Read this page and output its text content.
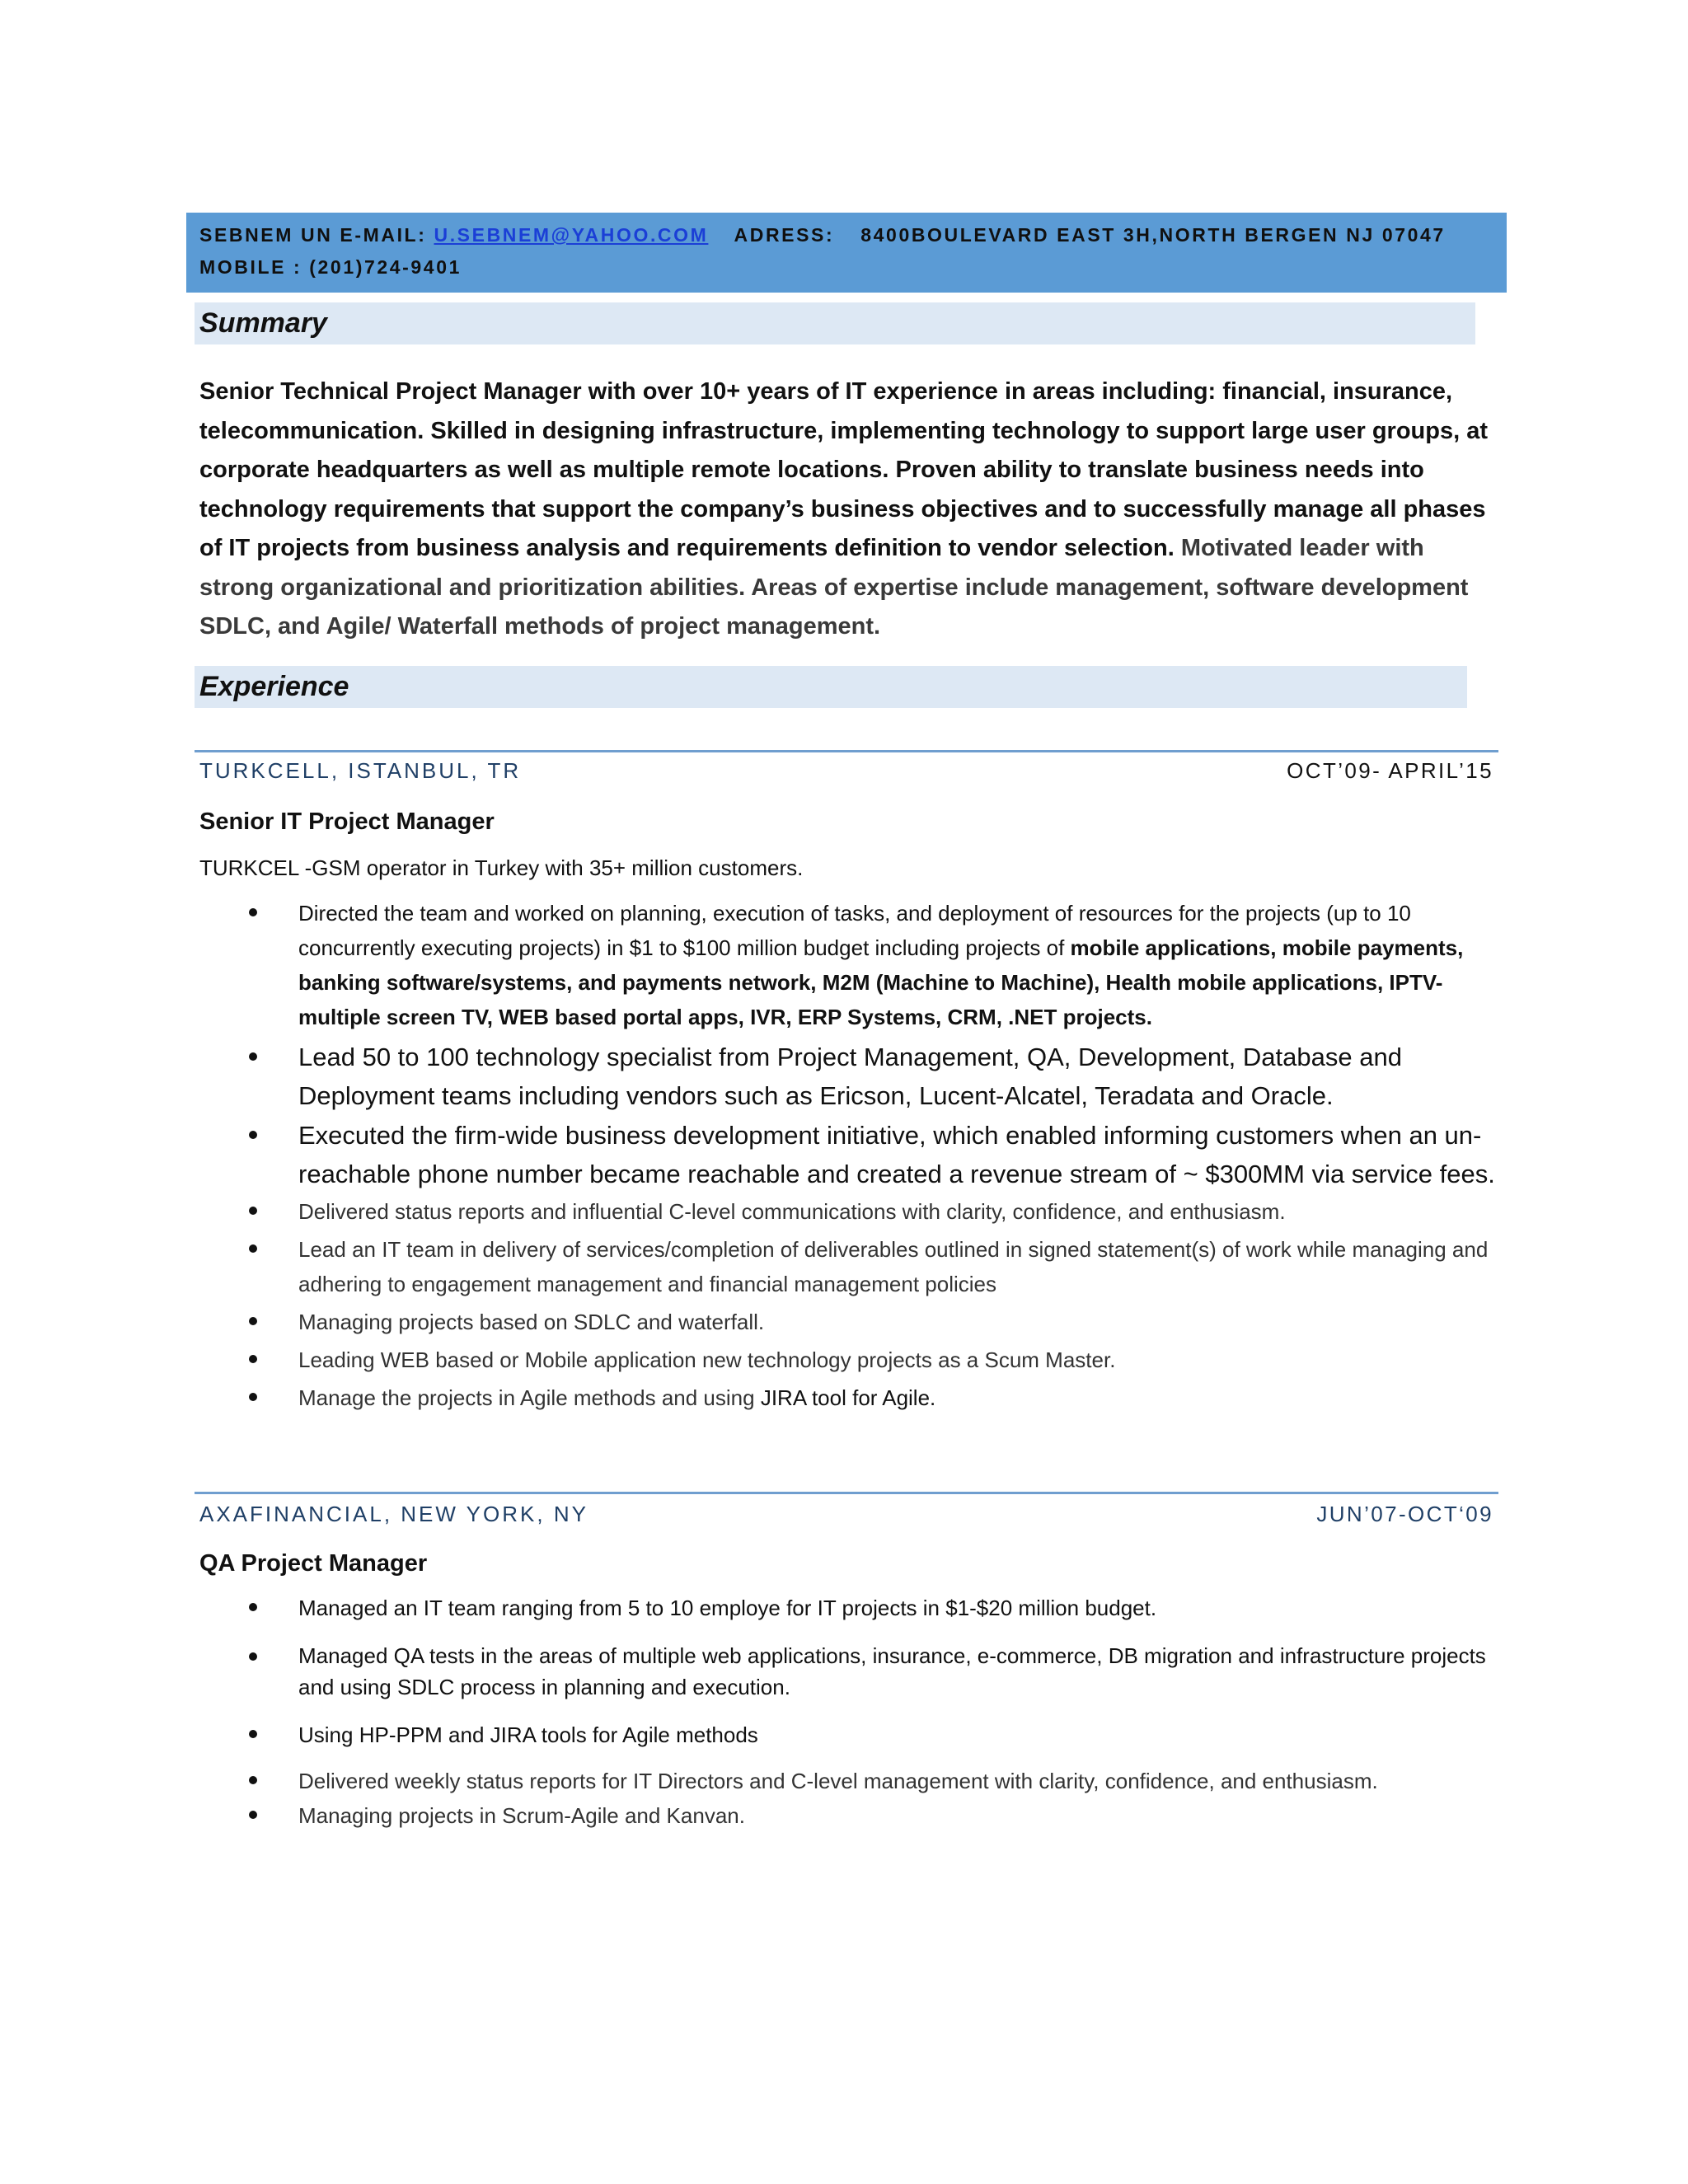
SEBNEM UN E-MAIL: U.SEBNEM@YAHOO.COM ADRESS: 8400BOULEVARD EAST 3H,NORTH BERGEN NJ 07047
MOBILE : (201)724-9401
Summary
Senior Technical Project Manager with over 10+ years of IT experience in areas including: financial, insurance, telecommunication. Skilled in designing infrastructure, implementing technology to support large user groups, at corporate headquarters as well as multiple remote locations. Proven ability to translate business needs into technology requirements that support the company’s business objectives and to successfully manage all phases of IT projects from business analysis and requirements definition to vendor selection. Motivated leader with strong organizational and prioritization abilities. Areas of expertise include management, software development SDLC, and Agile/ Waterfall methods of project management.
Experience
TURKCELL, ISTANBUL, TR	OCT’09- APRIL’15
Senior IT Project Manager
TURKCEL -GSM operator in Turkey with 35+ million customers.
Directed the team and worked on planning, execution of tasks, and deployment of resources for the projects (up to 10 concurrently executing projects) in $1 to $100 million budget including projects of mobile applications, mobile payments, banking software/systems, and payments network, M2M (Machine to Machine), Health mobile applications, IPTV-multiple screen TV, WEB based portal apps, IVR, ERP Systems, CRM, .NET projects.
Lead 50 to 100 technology specialist from Project Management, QA, Development, Database and Deployment teams including vendors such as Ericson, Lucent-Alcatel, Teradata and Oracle.
Executed the firm-wide business development initiative, which enabled informing customers when an un-reachable phone number became reachable and created a revenue stream of ~ $300MM via service fees.
Delivered status reports and influential C-level communications with clarity, confidence, and enthusiasm.
Lead an IT team in delivery of services/completion of deliverables outlined in signed statement(s) of work while managing and adhering to engagement management and financial management policies
Managing projects based on SDLC and waterfall.
Leading WEB based or Mobile application new technology projects as a Scum Master.
Manage the projects in Agile methods and using JIRA tool for Agile.
AXAFINANCIAL, NEW YORK, NY	JUN’07-OCT‘09
QA Project Manager
Managed an IT team ranging from 5 to 10 employe for IT projects in $1-$20 million budget.
Managed QA tests in the areas of multiple web applications, insurance, e-commerce, DB migration and infrastructure projects and using SDLC process in planning and execution.
Using HP-PPM and JIRA tools for Agile methods
Delivered weekly status reports for IT Directors and C-level management with clarity, confidence, and enthusiasm.
Managing projects in Scrum-Agile and Kanvan.
